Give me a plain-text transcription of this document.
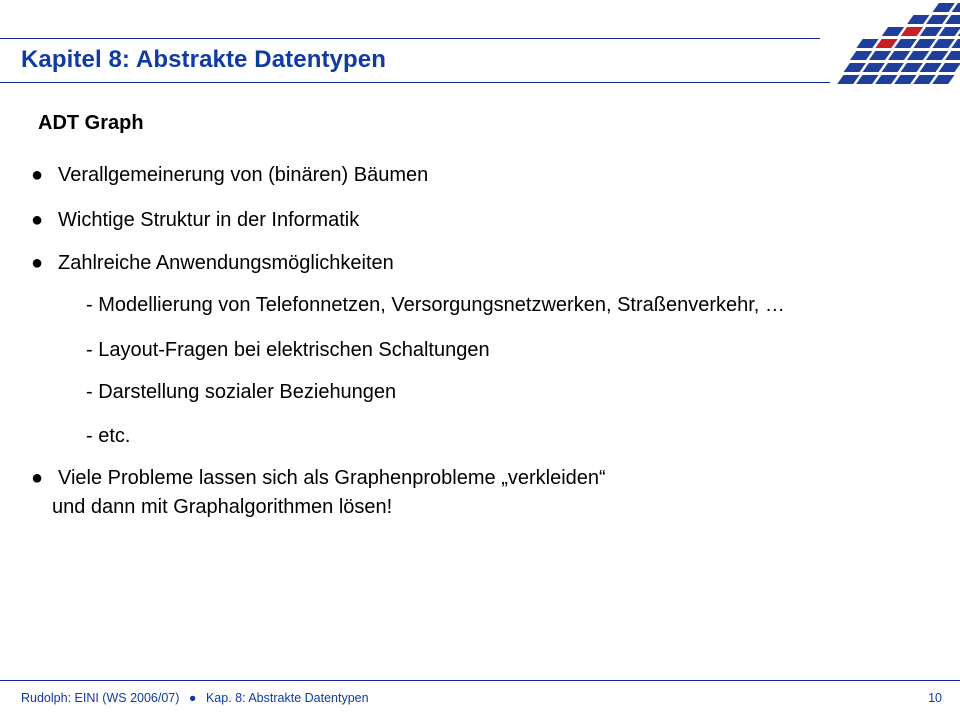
Kapitel 8: Abstrakte Datentypen
ADT Graph
● Verallgemeinerung von (binären) Bäumen
● Wichtige Struktur in der Informatik
● Zahlreiche Anwendungsmöglichkeiten
- Modellierung von Telefonnetzen, Versorgungsnetzwerken, Straßenverkehr, …
- Layout-Fragen bei elektrischen Schaltungen
- Darstellung sozialer Beziehungen
- etc.
● Viele Probleme lassen sich als Graphenprobleme „verkleiden“
und dann mit Graphalgorithmen lösen!
Rudolph: EINI (WS 2006/07) ● Kap. 8: Abstrakte Datentypen	10
